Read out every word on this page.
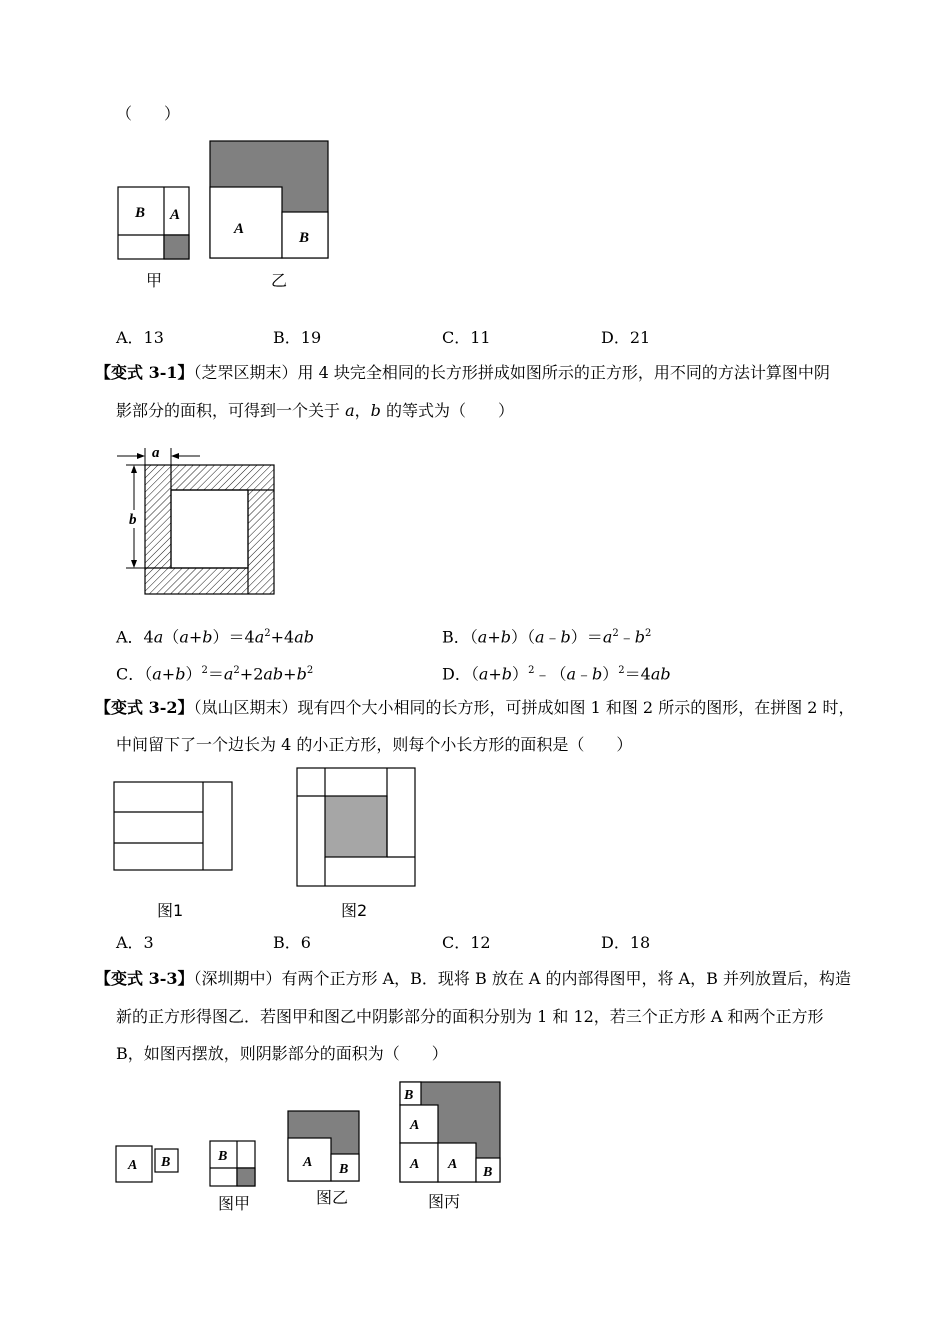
（　　）
B A
A
B
甲	乙
A．13	B．19	C．11	D．21
【变式 3-1】（芝罘区期末）用 4 块完全相同的长方形拼成如图所示的正方形，用不同的方法计算图中阴
影部分的面积，可得到一个关于 a，b 的等式为（　　）
a
b
A．$4a(a+b)=4a^2+4ab$	B．$(a+b)(a﹣b)=a^2﹣b^2$
C．$(a+b)^2=a^2+2ab+b^2$	D．$(a+b)^2﹣(a﹣b)^2=4ab$
【变式 3-2】（岚山区期末）现有四个大小相同的长方形，可拼成如图 1 和图 2 所示的图形，在拼图 2 时，
中间留下了一个边长为 4 的小正方形，则每个小长方形的面积是（　　）
图1	图2
A．3	B．6	C．12	D．18
【变式 3-3】（深圳期中）有两个正方形 A，B．现将 B 放在 A 的内部得图甲，将 A，B 并列放置后，构造
新的正方形得图乙．若图甲和图乙中阴影部分的面积分别为 1 和 12，若三个正方形 A 和两个正方形
B，如图丙摆放，则阴影部分的面积为（　　）
A B	B	A B
B
A
A A
B
图甲	图乙	图丙
